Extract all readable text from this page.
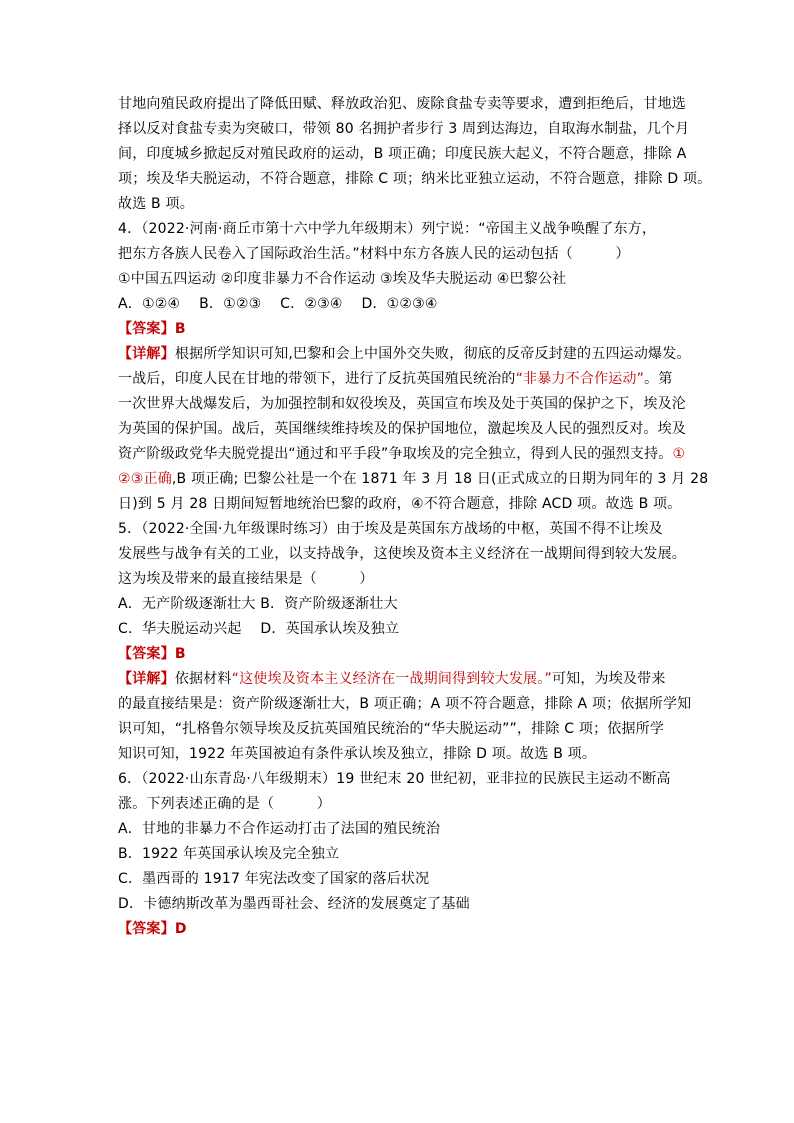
甘地向殖民政府提出了降低田赋、释放政治犯、废除食盐专卖等要求，遭到拒绝后，甘地选
择以反对食盐专卖为突破口，带领 80 名拥护者步行 3 周到达海边，自取海水制盐，几个月
间，印度城乡掀起反对殖民政府的运动，B 项正确；印度民族大起义，不符合题意，排除 A
项；埃及华夫脱运动，不符合题意，排除 C 项；纳米比亚独立运动，不符合题意，排除 D 项。
故选 B 项。
4．（2022·河南·商丘市第十六中学九年级期末）列宁说：“帝国主义战争唤醒了东方，
把东方各族人民卷入了国际政治生活。”材料中东方各族人民的运动包括（　　　）
①中国五四运动 ②印度非暴力不合作运动 ③埃及华夫脱运动 ④巴黎公社
A．①②④　 B．①②③　 C．②③④　 D．①②③④
【答案】B
【详解】根据所学知识可知,巴黎和会上中国外交失败，彻底的反帝反封建的五四运动爆发。
一战后，印度人民在甘地的带领下，进行了反抗英国殖民统治的“非暴力不合作运动”。第
一次世界大战爆发后，为加强控制和奴役埃及，英国宣布埃及处于英国的保护之下，埃及沦
为英国的保护国。战后，英国继续维持埃及的保护国地位，激起埃及人民的强烈反对。埃及
资产阶级政党华夫脱党提出“通过和平手段”争取埃及的完全独立，得到人民的强烈支持。①
②③正确,B 项正确; 巴黎公社是一个在 1871 年 3 月 18 日(正式成立的日期为同年的 3 月 28
日)到 5 月 28 日期间短暂地统治巴黎的政府，④不符合题意，排除 ACD 项。故选 B 项。
5．（2022·全国·九年级课时练习）由于埃及是英国东方战场的中枢，英国不得不让埃及
发展些与战争有关的工业，以支持战争，这使埃及资本主义经济在一战期间得到较大发展。
这为埃及带来的最直接结果是（　　　）
A．无产阶级逐渐壮大 B．资产阶级逐渐壮大
C．华夫脱运动兴起　 D．英国承认埃及独立
【答案】B
【详解】依据材料“这使埃及资本主义经济在一战期间得到较大发展。”可知，为埃及带来
的最直接结果是：资产阶级逐渐壮大，B 项正确；A 项不符合题意，排除 A 项；依据所学知
识可知，“扎格鲁尔领导埃及反抗英国殖民统治的“华夫脱运动””，排除 C 项；依据所学
知识可知，1922 年英国被迫有条件承认埃及独立，排除 D 项。故选 B 项。
6．（2022·山东青岛·八年级期末）19 世纪末 20 世纪初，亚非拉的民族民主运动不断高
涨。下列表述正确的是（　　　）
A．甘地的非暴力不合作运动打击了法国的殖民统治
B．1922 年英国承认埃及完全独立
C．墨西哥的 1917 年宪法改变了国家的落后状况
D．卡德纳斯改革为墨西哥社会、经济的发展奠定了基础
【答案】D
